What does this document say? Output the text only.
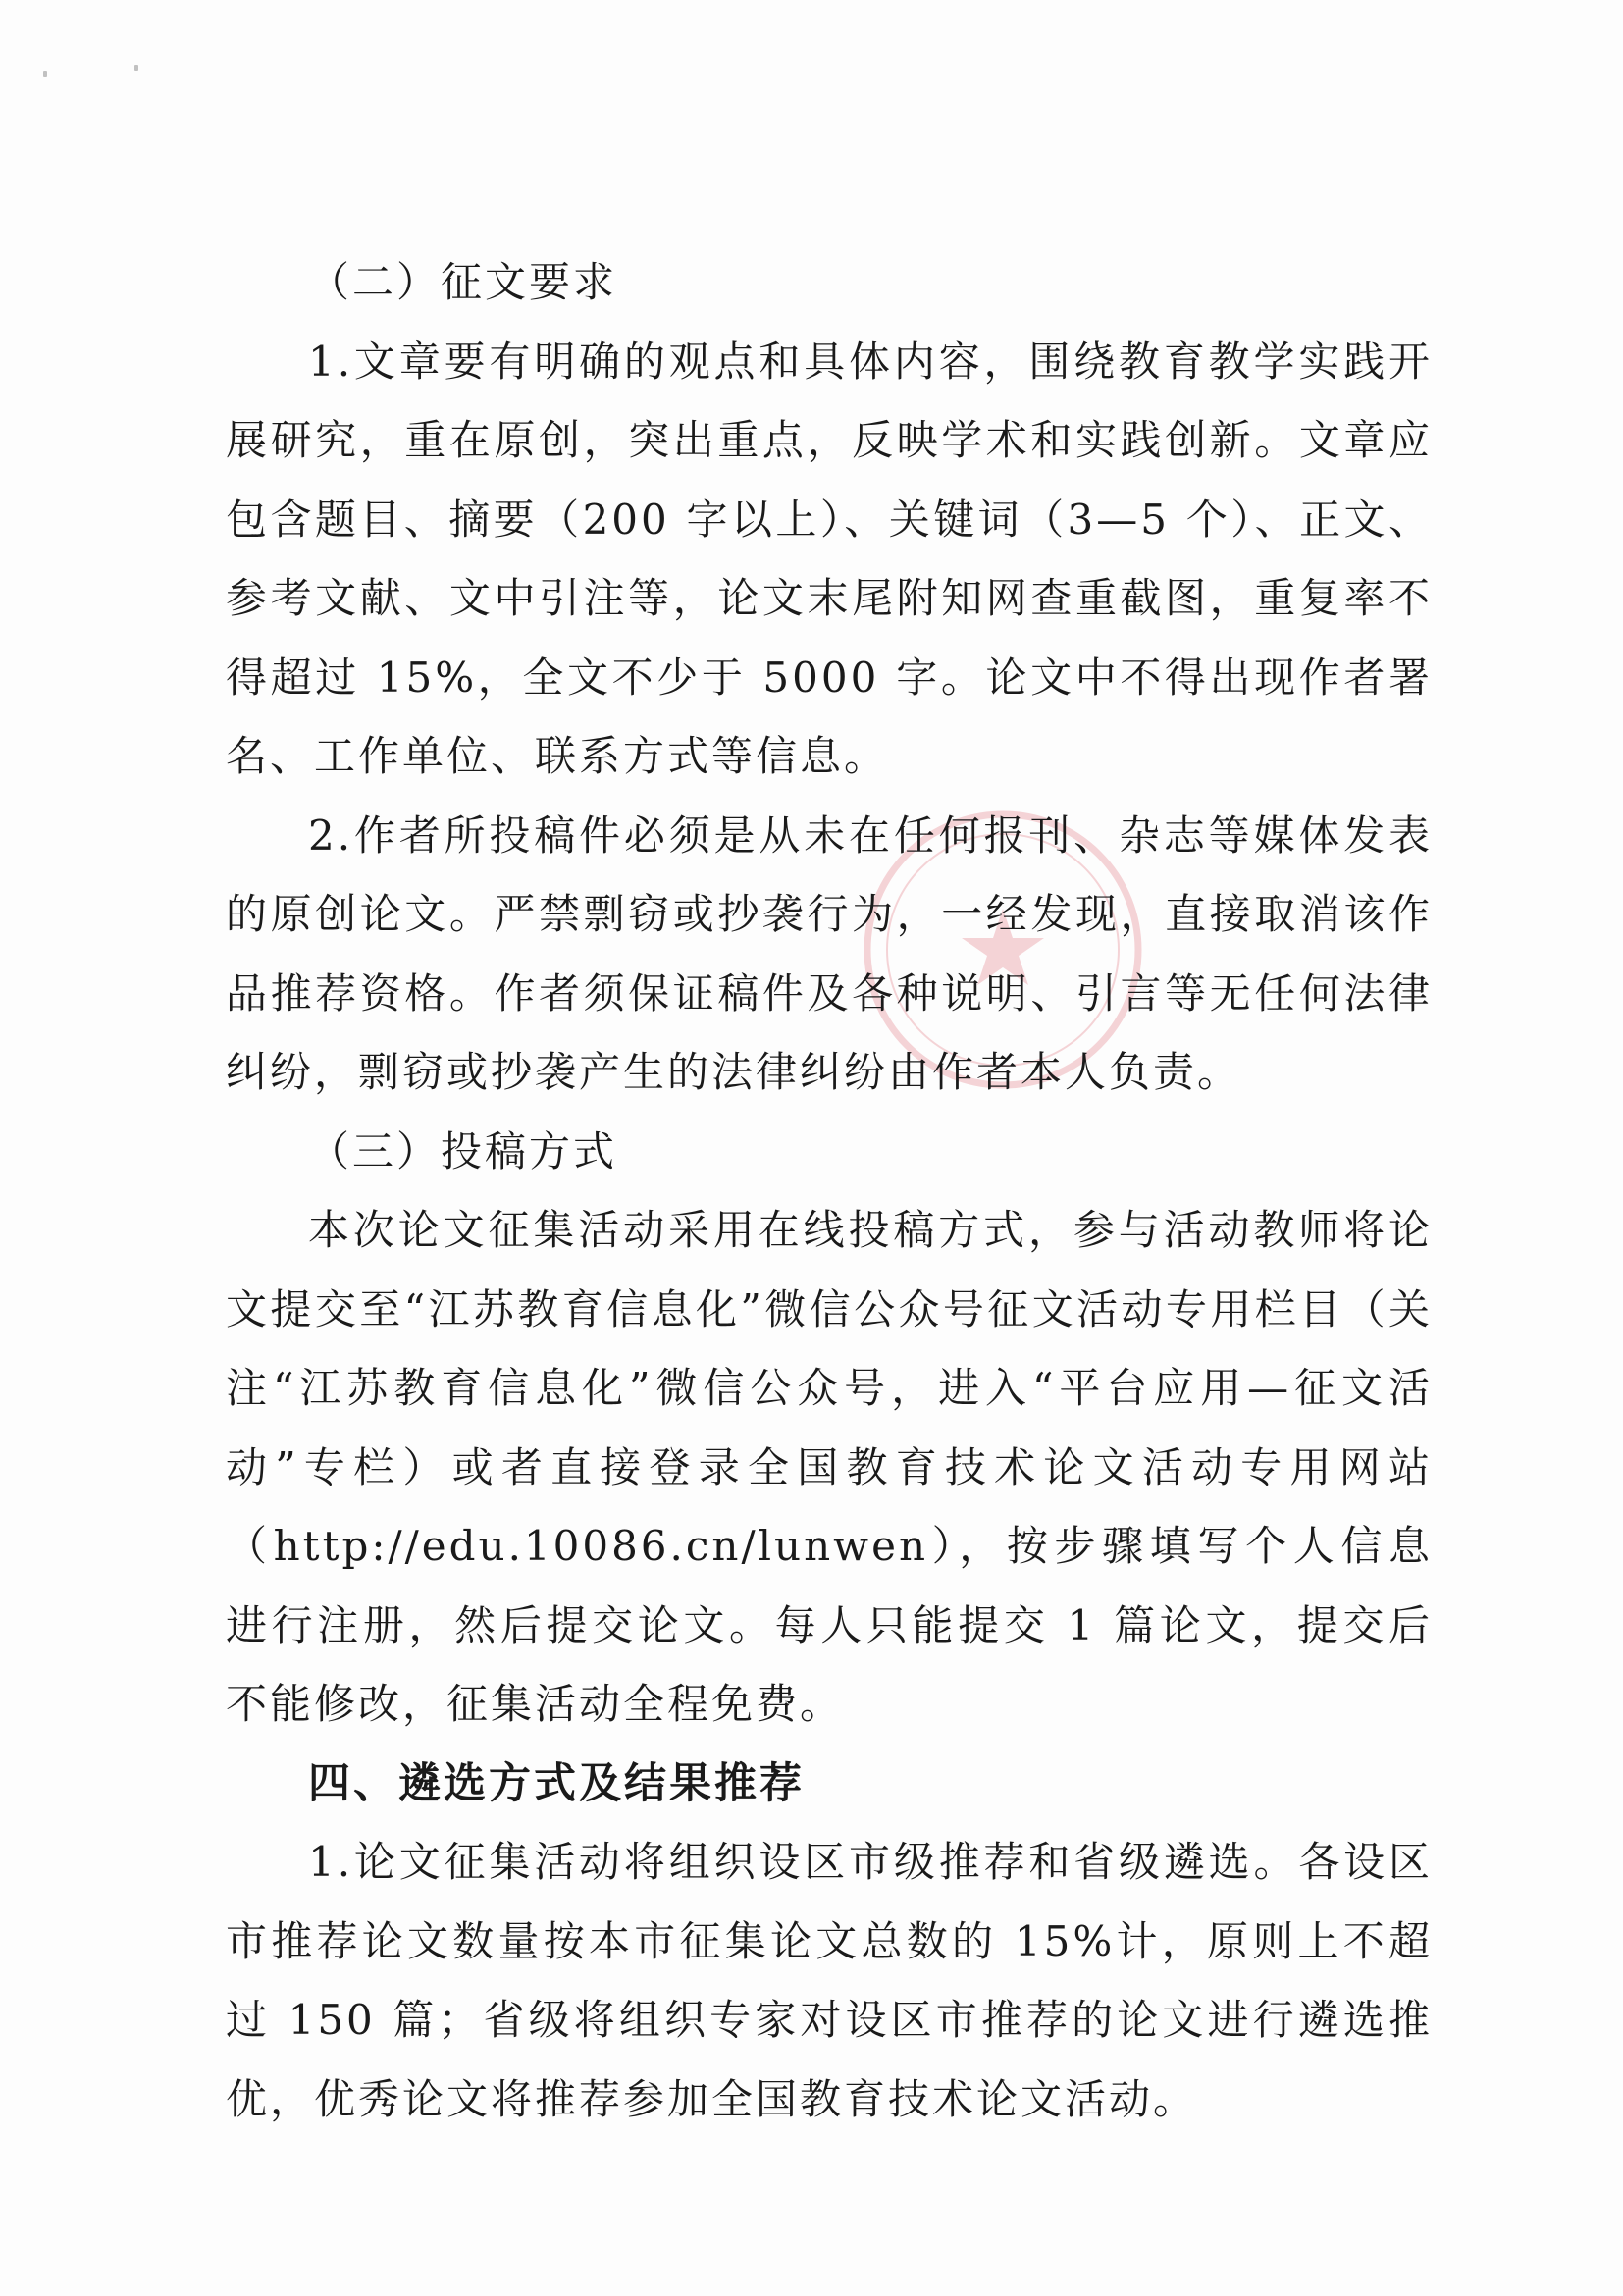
（二）征文要求

1.文章要有明确的观点和具体内容，围绕教育教学实践开展研究，重在原创，突出重点，反映学术和实践创新。文章应包含题目、摘要（200 字以上）、关键词（3—5 个）、正文、参考文献、文中引注等，论文末尾附知网查重截图，重复率不得超过 15%，全文不少于 5000 字。论文中不得出现作者署名、工作单位、联系方式等信息。

2.作者所投稿件必须是从未在任何报刊、杂志等媒体发表的原创论文。严禁剽窃或抄袭行为，一经发现，直接取消该作品推荐资格。作者须保证稿件及各种说明、引言等无任何法律纠纷，剽窃或抄袭产生的法律纠纷由作者本人负责。

（三）投稿方式

本次论文征集活动采用在线投稿方式，参与活动教师将论文提交至“江苏教育信息化”微信公众号征文活动专用栏目（关注“江苏教育信息化”微信公众号，进入“平台应用—征文活动”专栏）或者直接登录全国教育技术论文活动专用网站（http://edu.10086.cn/lunwen），按步骤填写个人信息进行注册，然后提交论文。每人只能提交 1 篇论文，提交后不能修改，征集活动全程免费。

四、遴选方式及结果推荐

1.论文征集活动将组织设区市级推荐和省级遴选。各设区市推荐论文数量按本市征集论文总数的 15%计，原则上不超过 150 篇；省级将组织专家对设区市推荐的论文进行遴选推优，优秀论文将推荐参加全国教育技术论文活动。
